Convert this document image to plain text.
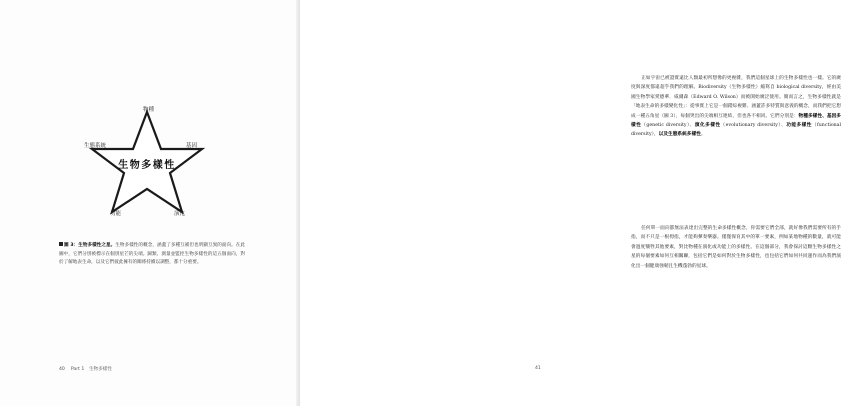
物種
生態系統	基因
功能	演化
生物多樣性
圖 3：生物多樣性之星。生物多樣性的概念，涵蓋了多種互補但也明顯互異的面向。在此圖中，它們分別被標示在個別星芒的尖端。歸類、測量並監控生物多樣性的這五個面向，對於了解地表生命，以及它們彼此擁有的關係持續以調整，都十分重要。
40 Part 1　生物多樣性
正如字宙已被證實遠比人類最初所想像的更複雜，我們這個星球上的生物多樣性也一樣。它的廣度與深度都遠超乎我們的理解。Biodiversity（生物多樣性）縮寫自 biological diversity，經由美國生物學家愛德華．威爾森（Edward O. Wilson）而被開始廣泛使用。簡而言之，生物多樣性就是「地表生命的多樣變化性」：從事實上它是一個錯綜複雜、涵蓋許多特質與意義的概念，而我們把它想成一種五角星（圖 3），每個突出的尖端相互連結，但也各不相同。它們分別是：物種多樣性、基因多樣性（genetic diversity）、演化多樣性（evolutionary diversity）、功能多樣性（functional diversity），以及生態系統多樣性。
任何單一面向都無法表達出完整的生命多樣性概念，你需要它們全部，就好像我們需要所有的手指，而不只是一根拇指，才能夠彈奏樂器。僅僅保育其中的單一要素，例如某地物種的數量，就可能會過度犧牲其他要素，對比物種在演化或功能上的多樣性。在這個部分，我會探討這顆生物多樣性之星的每個要素如何互相關聯，包括它們是如何對於生物多樣性，也包括它們如何共同運作而為我們演化出一個健康強韌且生機蓬勃的星球。
41
